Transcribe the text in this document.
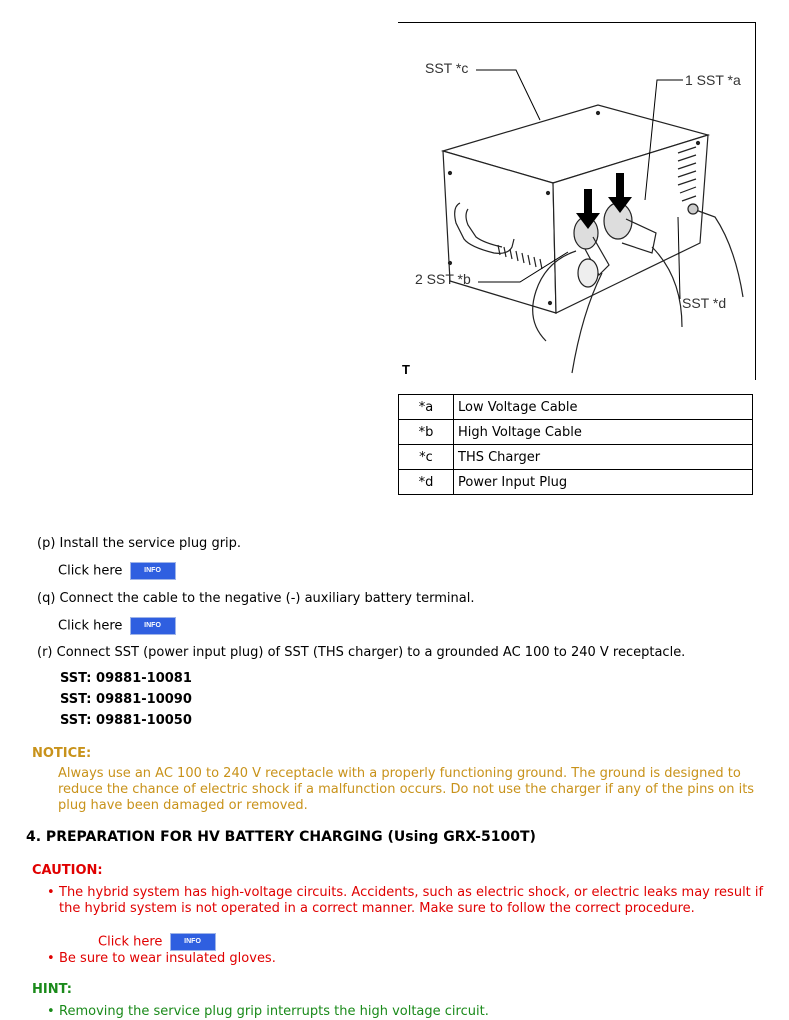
SST *c
1 SST *a
2 SST *b
SST *d
T
*a	Low Voltage Cable
*b	High Voltage Cable
*c	THS Charger
*d	Power Input Plug
(p) Install the service plug grip.
Click here	INFO
(q) Connect the cable to the negative (-) auxiliary battery terminal.
Click here	INFO
(r) Connect SST (power input plug) of SST (THS charger) to a grounded AC 100 to 240 V receptacle.
SST: 09881-10081
SST: 09881-10090
SST: 09881-10050
NOTICE:
Always use an AC 100 to 240 V receptacle with a properly functioning ground. The ground is designed to reduce the chance of electric shock if a malfunction occurs. Do not use the charger if any of the pins on its plug have been damaged or removed.
4. PREPARATION FOR HV BATTERY CHARGING (Using GRX-5100T)
CAUTION:
• The hybrid system has high-voltage circuits. Accidents, such as electric shock, or electric leaks may result if the hybrid system is not operated in a correct manner. Make sure to follow the correct procedure.
Click here	INFO
• Be sure to wear insulated gloves.
HINT:
• Removing the service plug grip interrupts the high voltage circuit.
